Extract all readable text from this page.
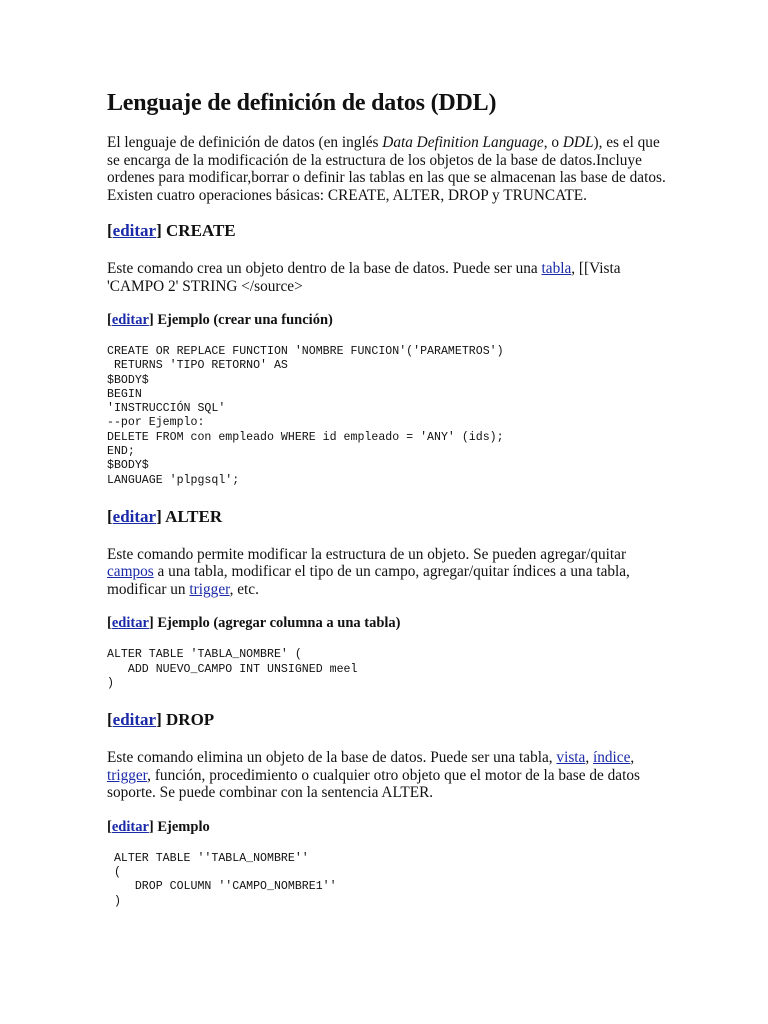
Lenguaje de definición de datos (DDL)

El lenguaje de definición de datos (en inglés Data Definition Language, o DDL), es el que se encarga de la modificación de la estructura de los objetos de la base de datos.Incluye ordenes para modificar,borrar o definir las tablas en las que se almacenan las base de datos. Existen cuatro operaciones básicas: CREATE, ALTER, DROP y TRUNCATE.

[editar] CREATE

Este comando crea un objeto dentro de la base de datos. Puede ser una tabla, [[Vista 'CAMPO 2' STRING </source>

[editar] Ejemplo (crear una función)
CREATE OR REPLACE FUNCTION 'NOMBRE FUNCION'('PARAMETROS')
RETURNS 'TIPO RETORNO' AS
$BODY$
BEGIN
'INSTRUCCIÓN SQL'
--por Ejemplo:
DELETE FROM con empleado WHERE id empleado = 'ANY' (ids);
END;
$BODY$
LANGUAGE 'plpgsql';
[editar] ALTER

Este comando permite modificar la estructura de un objeto. Se pueden agregar/quitar campos a una tabla, modificar el tipo de un campo, agregar/quitar índices a una tabla, modificar un trigger, etc.

[editar] Ejemplo (agregar columna a una tabla)
ALTER TABLE 'TABLA_NOMBRE' (
ADD NUEVO_CAMPO INT UNSIGNED meel
)
[editar] DROP

Este comando elimina un objeto de la base de datos. Puede ser una tabla, vista, índice, trigger, función, procedimiento o cualquier otro objeto que el motor de la base de datos soporte. Se puede combinar con la sentencia ALTER.

[editar] Ejemplo
ALTER TABLE ''TABLA_NOMBRE''
(
DROP COLUMN ''CAMPO_NOMBRE1''
)
